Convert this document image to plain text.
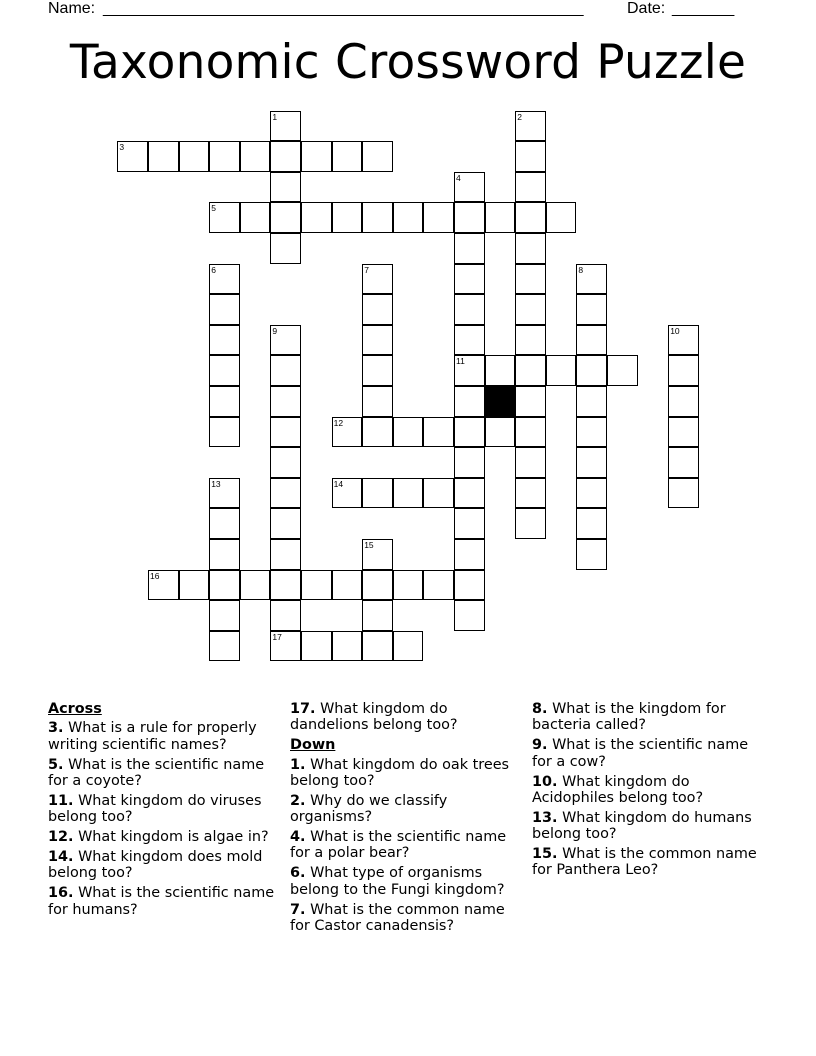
Name: ______________________________________________________	Date: _______
Taxonomic Crossword Puzzle
1	2
3
4
11
5
6	7	8
9	10
12
13	14
15
16
17
Across
3. What is a rule for properly writing scientific names?
5. What is the scientific name for a coyote?
11. What kingdom do viruses belong too?
12. What kingdom is algae in?
14. What kingdom does mold belong too?
16. What is the scientific name for humans?
17. What kingdom do dandelions belong too?
Down
1. What kingdom do oak trees belong too?
2. Why do we classify organisms?
4. What is the scientific name for a polar bear?
6. What type of organisms belong to the Fungi kingdom?
7. What is the common name for Castor canadensis?
8. What is the kingdom for bacteria called?
9. What is the scientific name for a cow?
10. What kingdom do Acidophiles belong too?
13. What kingdom do humans belong too?
15. What is the common name for Panthera Leo?
